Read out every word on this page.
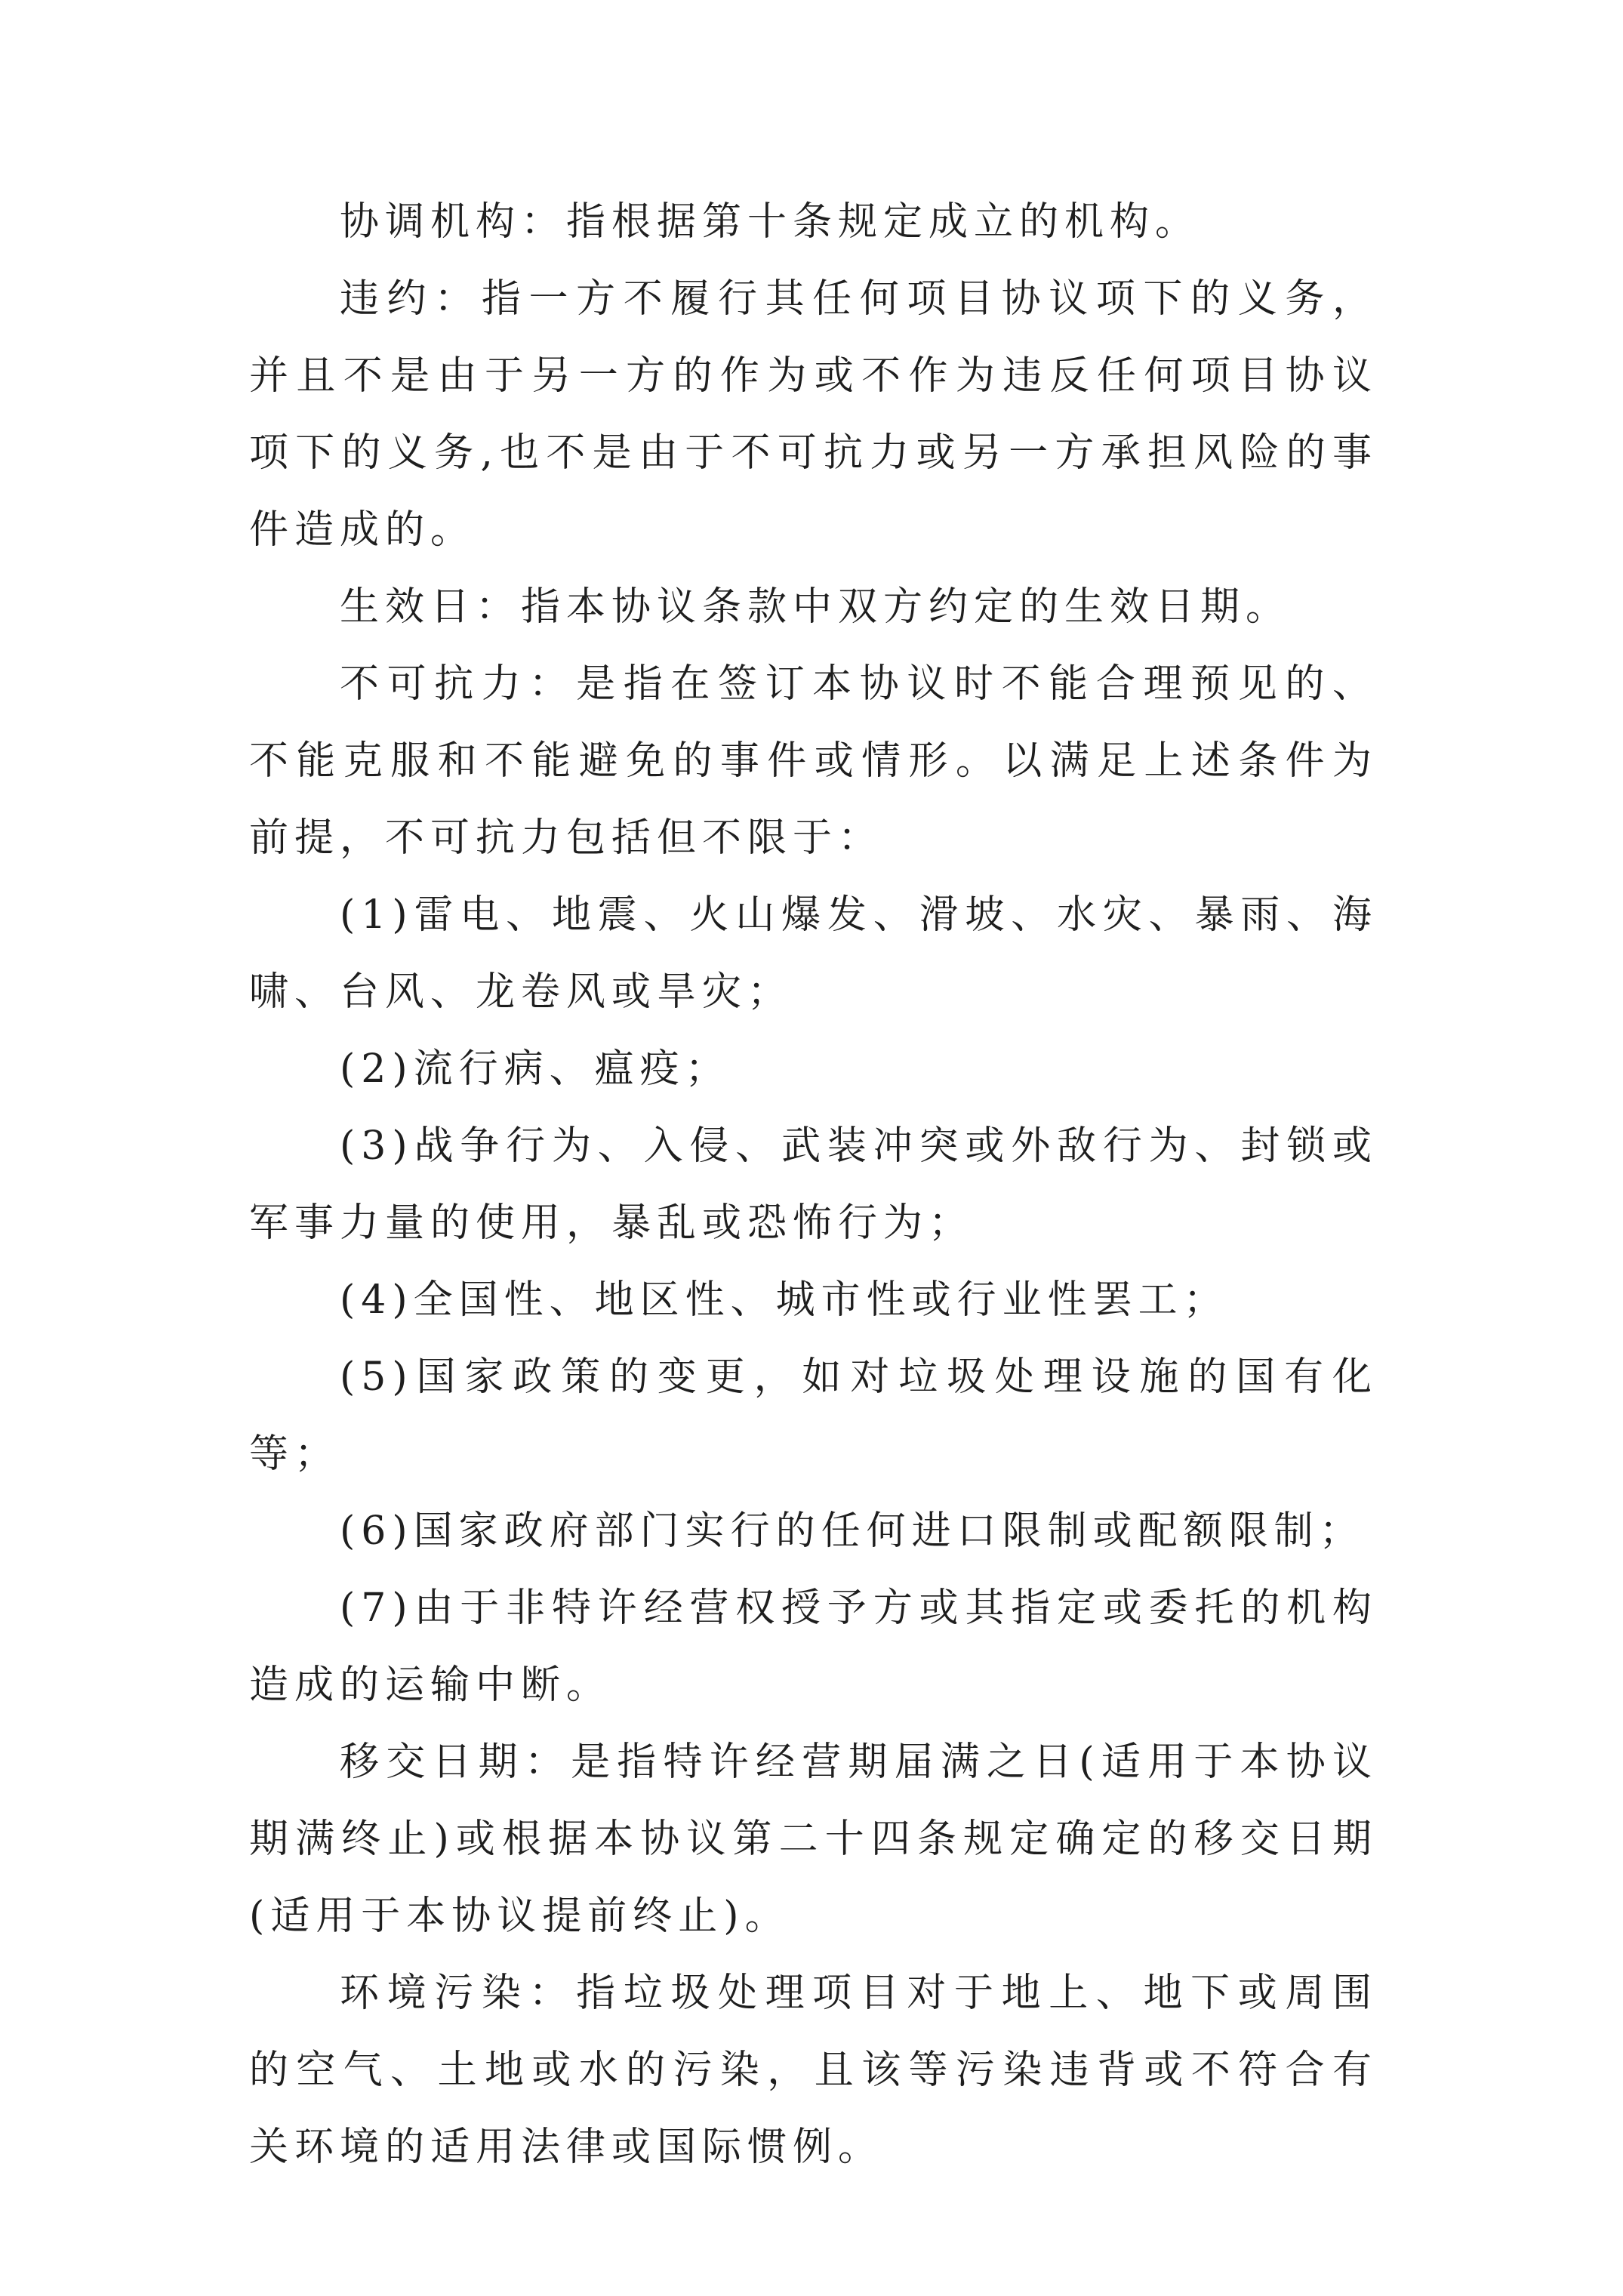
协调机构：指根据第十条规定成立的机构。

违约：指一方不履行其任何项目协议项下的义务，并且不是由于另一方的作为或不作为违反任何项目协议项下的义务,也不是由于不可抗力或另一方承担风险的事件造成的。

生效日：指本协议条款中双方约定的生效日期。

不可抗力：是指在签订本协议时不能合理预见的、不能克服和不能避免的事件或情形。以满足上述条件为前提，不可抗力包括但不限于：

(1)雷电、地震、火山爆发、滑坡、水灾、暴雨、海啸、台风、龙卷风或旱灾；

(2)流行病、瘟疫；

(3)战争行为、入侵、武装冲突或外敌行为、封锁或军事力量的使用，暴乱或恐怖行为；

(4)全国性、地区性、城市性或行业性罢工；

(5)国家政策的变更，如对垃圾处理设施的国有化等；

(6)国家政府部门实行的任何进口限制或配额限制；

(7)由于非特许经营权授予方或其指定或委托的机构造成的运输中断。

移交日期：是指特许经营期届满之日(适用于本协议期满终止)或根据本协议第二十四条规定确定的移交日期(适用于本协议提前终止)。

环境污染：指垃圾处理项目对于地上、地下或周围的空气、土地或水的污染，且该等污染违背或不符合有关环境的适用法律或国际惯例。
